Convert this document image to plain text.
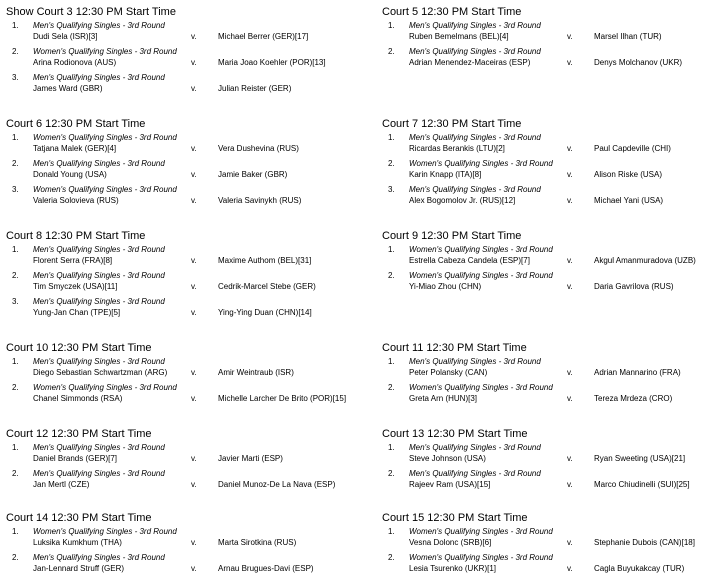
Show Court 3 12:30 PM Start Time
1.	Men's Qualifying Singles - 3rd Round
Dudi Sela (ISR)[3]	v.	Michael Berrer (GER)[17]
2.	Women's Qualifying Singles - 3rd Round
Arina Rodionova (AUS)	v.	Maria Joao Koehler (POR)[13]
3.	Men's Qualifying Singles - 3rd Round
James Ward (GBR)	v.	Julian Reister (GER)
Court 5 12:30 PM Start Time
1.	Men's Qualifying Singles - 3rd Round
Ruben Bemelmans (BEL)[4]	v.	Marsel Ilhan (TUR)
2.	Men's Qualifying Singles - 3rd Round
Adrian Menendez-Maceiras (ESP)	v.	Denys Molchanov (UKR)
Court 6 12:30 PM Start Time
1.	Women's Qualifying Singles - 3rd Round
Tatjana Malek (GER)[4]	v.	Vera Dushevina (RUS)
2.	Men's Qualifying Singles - 3rd Round
Donald Young (USA)	v.	Jamie Baker (GBR)
3.	Women's Qualifying Singles - 3rd Round
Valeria Solovieva (RUS)	v.	Valeria Savinykh (RUS)
Court 7 12:30 PM Start Time
1.	Men's Qualifying Singles - 3rd Round
Ricardas Berankis (LTU)[2]	v.	Paul Capdeville (CHI)
2.	Women's Qualifying Singles - 3rd Round
Karin Knapp (ITA)[8]	v.	Alison Riske (USA)
3.	Men's Qualifying Singles - 3rd Round
Alex Bogomolov Jr. (RUS)[12]	v.	Michael Yani (USA)
Court 8 12:30 PM Start Time
1.	Men's Qualifying Singles - 3rd Round
Florent Serra (FRA)[8]	v.	Maxime Authom (BEL)[31]
2.	Men's Qualifying Singles - 3rd Round
Tim Smyczek (USA)[11]	v.	Cedrik-Marcel Stebe (GER)
3.	Men's Qualifying Singles - 3rd Round
Yung-Jan Chan (TPE)[5]	v.	Ying-Ying Duan (CHN)[14]
Court 9 12:30 PM Start Time
1.	Women's Qualifying Singles - 3rd Round
Estrella Cabeza Candela (ESP)[7]	v.	Akgul Amanmuradova (UZB)
2.	Women's Qualifying Singles - 3rd Round
Yi-Miao Zhou (CHN)	v.	Daria Gavrilova (RUS)
Court 10 12:30 PM Start Time
1.	Men's Qualifying Singles - 3rd Round
Diego Sebastian Schwartzman (ARG)	v.	Amir Weintraub (ISR)
2.	Women's Qualifying Singles - 3rd Round
Chanel Simmonds (RSA)	v.	Michelle Larcher De Brito (POR)[15]
Court 11 12:30 PM Start Time
1.	Men's Qualifying Singles - 3rd Round
Peter Polansky (CAN)	v.	Adrian Mannarino (FRA)
2.	Women's Qualifying Singles - 3rd Round
Greta Arn (HUN)[3]	v.	Tereza Mrdeza (CRO)
Court 12 12:30 PM Start Time
1.	Men's Qualifying Singles - 3rd Round
Daniel Brands (GER)[7]	v.	Javier Marti (ESP)
2.	Men's Qualifying Singles - 3rd Round
Jan Mertl (CZE)	v.	Daniel Munoz-De La Nava (ESP)
Court 13 12:30 PM Start Time
1.	Men's Qualifying Singles - 3rd Round
Steve Johnson (USA)	v.	Ryan Sweeting (USA)[21]
2.	Men's Qualifying Singles - 3rd Round
Rajeev Ram (USA)[15]	v.	Marco Chiudinelli (SUI)[25]
Court 14 12:30 PM Start Time
1.	Women's Qualifying Singles - 3rd Round
Luksika Kumkhum (THA)	v.	Marta Sirotkina (RUS)
2.	Men's Qualifying Singles - 3rd Round
Jan-Lennard Struff (GER)	v.	Arnau Brugues-Davi (ESP)
Court 15 12:30 PM Start Time
1.	Women's Qualifying Singles - 3rd Round
Vesna Dolonc (SRB)[6]	v.	Stephanie Dubois (CAN)[18]
2.	Women's Qualifying Singles - 3rd Round
Lesia Tsurenko (UKR)[1]	v.	Cagla Buyukakcay (TUR)
